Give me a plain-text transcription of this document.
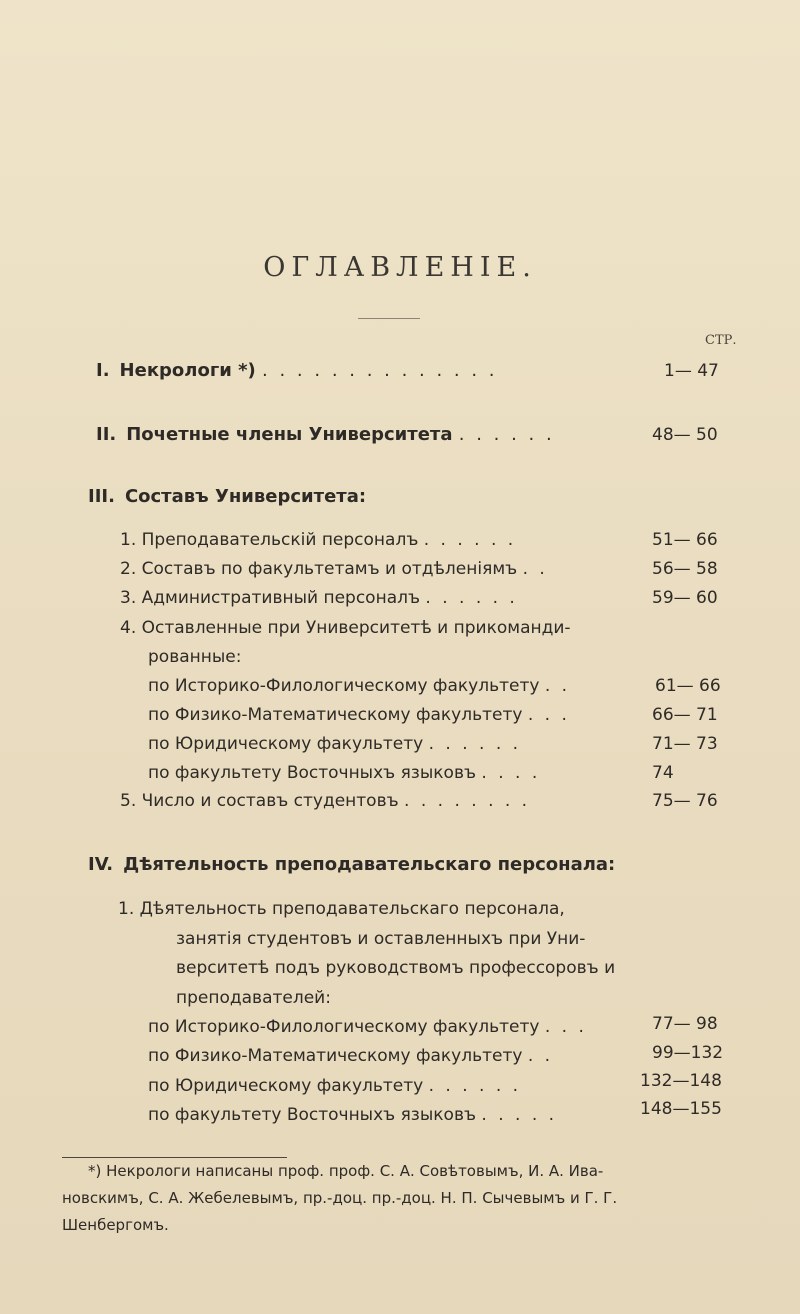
ОГЛАВЛЕНІЕ.
СТР.
I. Некрологи *) . . . . . . . . . . . . . .	1— 47
II. Почетные члены Университета . . . . . .	48— 50
III. Составъ Университета:
1. Преподавательскій персоналъ . . . . . .	51— 66
2. Составъ по факультетамъ и отдѣленіямъ . .	56— 58
3. Административный персоналъ . . . . . .	59— 60
4. Оставленные при Университетѣ и прикоманди-
рованные:
по Историко-Филологическому факультету . .	61— 66
по Физико-Математическому факультету . . .	66— 71
по Юридическому факультету . . . . . .	71— 73
по факультету Восточныхъ языковъ . . . .	74
5. Число и составъ студентовъ . . . . . . . .	75— 76
IV. Дѣятельность преподавательскаго персонала:
1. Дѣятельность преподавательскаго персонала,
занятія студентовъ и оставленныхъ при Уни-
верситетѣ подъ руководствомъ профессоровъ и
преподавателей:
по Историко-Филологическому факультету . . .	77— 98
по Физико-Математическому факультету . .	99—132
по Юридическому факультету . . . . . .	132—148
по факультету Восточныхъ языковъ . . . . .	148—155
*) Некрологи написаны проф. проф. С. А. Совѣтовымъ, И. А. Ива-
новскимъ, С. А. Жебелевымъ, пр.-доц. пр.-доц. Н. П. Сычевымъ и Г. Г.
Шенбергомъ.
